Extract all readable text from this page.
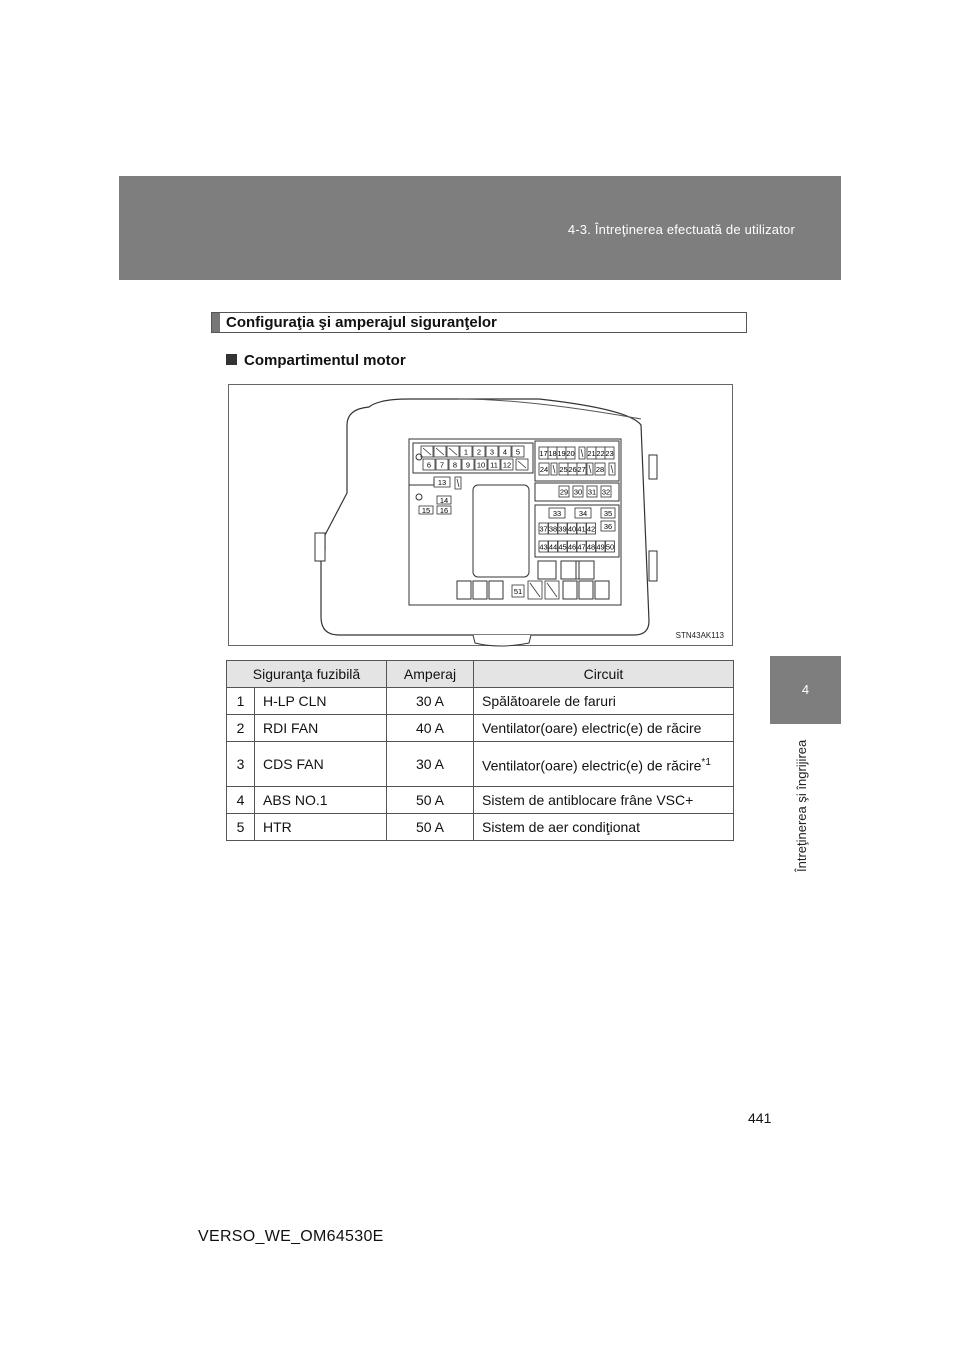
4-3. Întreţinerea efectuată de utilizator
4
Întreţinerea şi îngrijirea
Configuraţia şi amperajul siguranţelor
Compartimentul motor
1 2 3 4 5
6 7 8 9 10 11 12
13
14
15 16
17 18 19 20 21 22 23
24 25 26 27 28
29 30 31 32
33 34 35
36
37 38 39 40 41 42
43 44 45 46 47 48 49 50
51
STN43AK113
Siguranţa fuzibilă		Amperaj	Circuit
1	H-LP CLN	30 A	Spălătoarele de faruri
2	RDI FAN	40 A	Ventilator(oare) electric(e) de răcire
3	CDS FAN	30 A	Ventilator(oare) electric(e) de răcire$^{*1}$
4	ABS NO.1	50 A	Sistem de antiblocare frâne VSC+
5	HTR	50 A	Sistem de aer condiţionat
441
VERSO_WE_OM64530E
